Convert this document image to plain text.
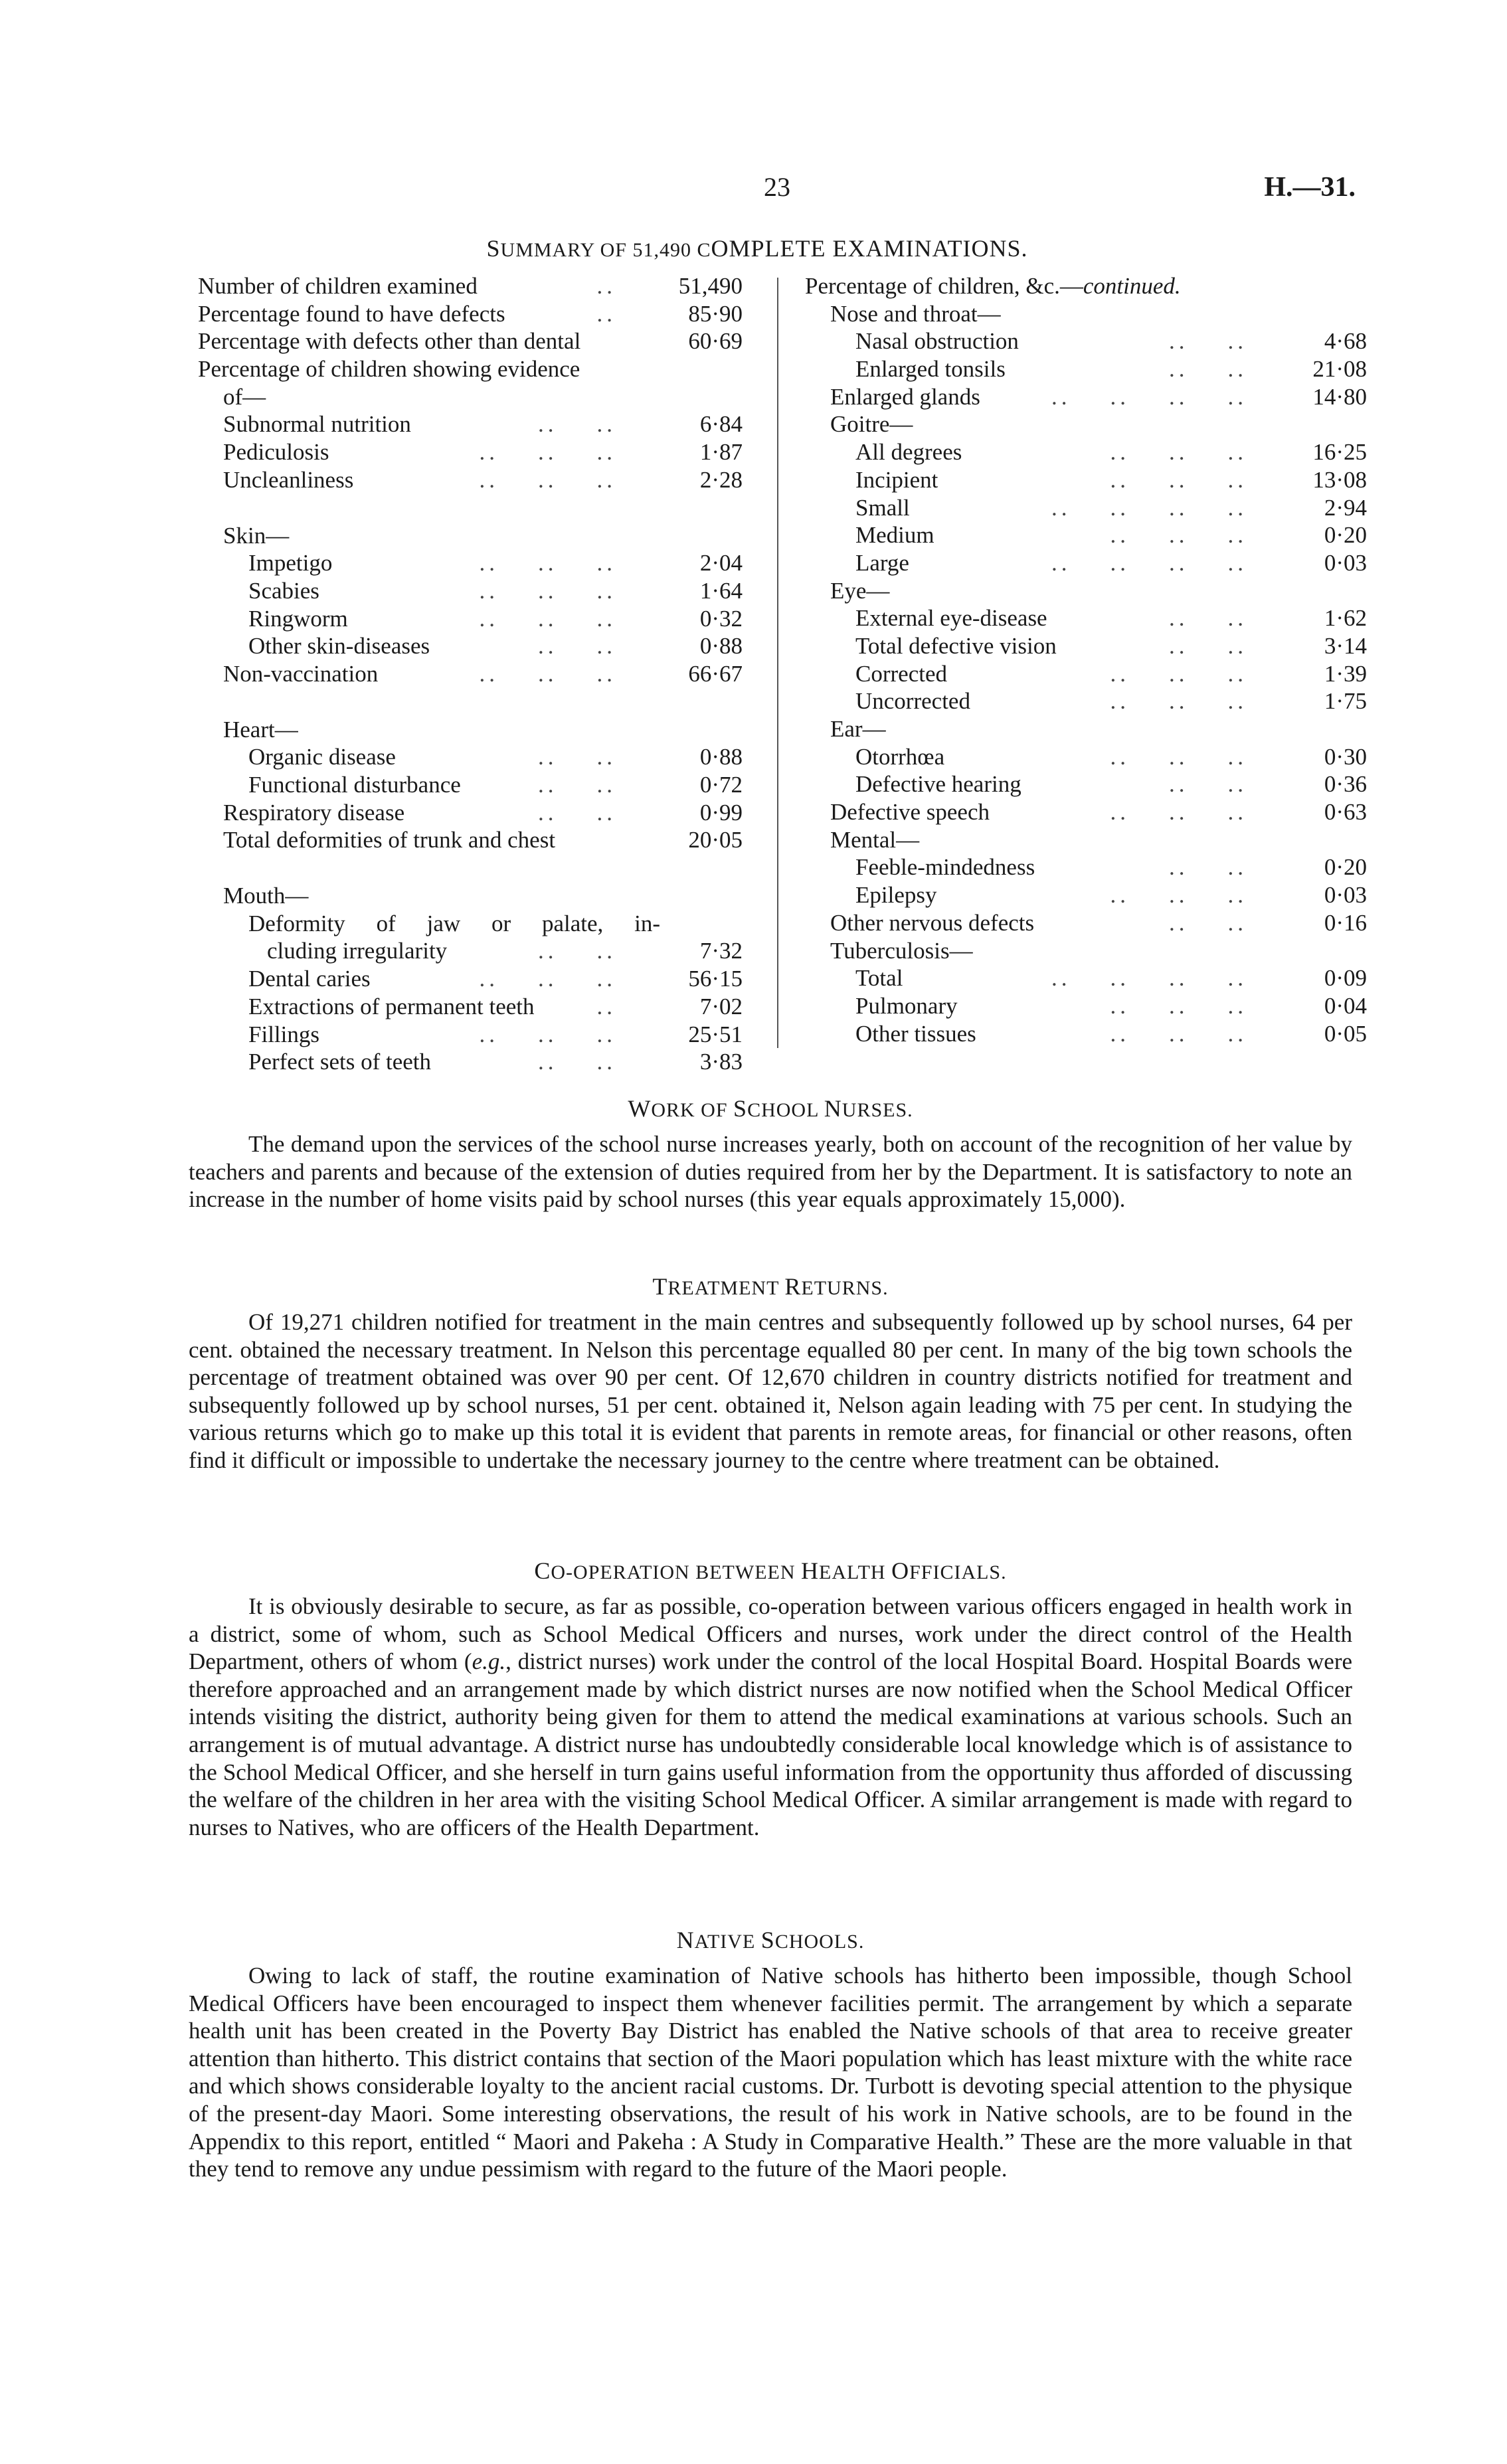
23	H.—31.
SUMMARY OF 51,490 COMPLETE EXAMINATIONS.
Number of children examined	..	51,490
Percentage found to have defects	..	85·90
Percentage with defects other than dental	60·69
Percentage of children showing evidence
of—
Subnormal nutrition	..    ..	6·84
Pediculosis	..    ..    ..	1·87
Uncleanliness	..    ..    ..	2·28
Skin—
Impetigo	..    ..    ..	2·04
Scabies	..    ..    ..	1·64
Ringworm	..    ..    ..	0·32
Other skin-diseases	..    ..	0·88
Non-vaccination	..    ..    ..	66·67
Heart—
Organic disease	..    ..	0·88
Functional disturbance	..    ..	0·72
Respiratory disease	..    ..	0·99
Total deformities of trunk and chest	20·05
Mouth—
Deformity of jaw or palate, in-
cluding irregularity	..    ..	7·32
Dental caries	..    ..    ..	56·15
Extractions of permanent teeth	..	7·02
Fillings	..    ..    ..	25·51
Perfect sets of teeth	..    ..	3·83
Percentage of children, &c.—continued.
Nose and throat—
Nasal obstruction	..    ..	4·68
Enlarged tonsils	..    ..	21·08
Enlarged glands	..    ..    ..    ..	14·80
Goitre—
All degrees	..    ..    ..	16·25
Incipient	..    ..    ..	13·08
Small	..    ..    ..    ..	2·94
Medium	..    ..    ..	0·20
Large	..    ..    ..    ..	0·03
Eye—
External eye-disease	..    ..	1·62
Total defective vision	..    ..	3·14
Corrected	..    ..    ..	1·39
Uncorrected	..    ..    ..	1·75
Ear—
Otorrhœa	..    ..    ..	0·30
Defective hearing	..    ..	0·36
Defective speech	..    ..    ..	0·63
Mental—
Feeble-mindedness	..    ..	0·20
Epilepsy	..    ..    ..	0·03
Other nervous defects	..    ..	0·16
Tuberculosis—
Total	..    ..    ..    ..	0·09
Pulmonary	..    ..    ..	0·04
Other tissues	..    ..    ..	0·05
WORK OF SCHOOL NURSES.

The demand upon the services of the school nurse increases yearly, both on account of the recognition of her value by teachers and parents and because of the extension of duties required from her by the Department. It is satisfactory to note an increase in the number of home visits paid by school nurses (this year equals approximately 15,000).

TREATMENT RETURNS.

Of 19,271 children notified for treatment in the main centres and subsequently followed up by school nurses, 64 per cent. obtained the necessary treatment. In Nelson this percentage equalled 80 per cent. In many of the big town schools the percentage of treatment obtained was over 90 per cent. Of 12,670 children in country districts notified for treatment and subsequently followed up by school nurses, 51 per cent. obtained it, Nelson again leading with 75 per cent. In studying the various returns which go to make up this total it is evident that parents in remote areas, for financial or other reasons, often find it difficult or impossible to undertake the necessary journey to the centre where treatment can be obtained.

CO-OPERATION BETWEEN HEALTH OFFICIALS.

It is obviously desirable to secure, as far as possible, co-operation between various officers engaged in health work in a district, some of whom, such as School Medical Officers and nurses, work under the direct control of the Health Department, others of whom (e.g., district nurses) work under the control of the local Hospital Board. Hospital Boards were therefore approached and an arrangement made by which district nurses are now notified when the School Medical Officer intends visiting the district, authority being given for them to attend the medical examinations at various schools. Such an arrangement is of mutual advantage. A district nurse has undoubtedly considerable local knowledge which is of assistance to the School Medical Officer, and she herself in turn gains useful information from the opportunity thus afforded of discussing the welfare of the children in her area with the visiting School Medical Officer. A similar arrangement is made with regard to nurses to Natives, who are officers of the Health Department.

NATIVE SCHOOLS.

Owing to lack of staff, the routine examination of Native schools has hitherto been impossible, though School Medical Officers have been encouraged to inspect them whenever facilities permit. The arrangement by which a separate health unit has been created in the Poverty Bay District has enabled the Native schools of that area to receive greater attention than hitherto. This district contains that section of the Maori population which has least mixture with the white race and which shows considerable loyalty to the ancient racial customs. Dr. Turbott is devoting special attention to the physique of the present-day Maori. Some interesting observations, the result of his work in Native schools, are to be found in the Appendix to this report, entitled “ Maori and Pakeha : A Study in Comparative Health.” These are the more valuable in that they tend to remove any undue pessimism with regard to the future of the Maori people.
